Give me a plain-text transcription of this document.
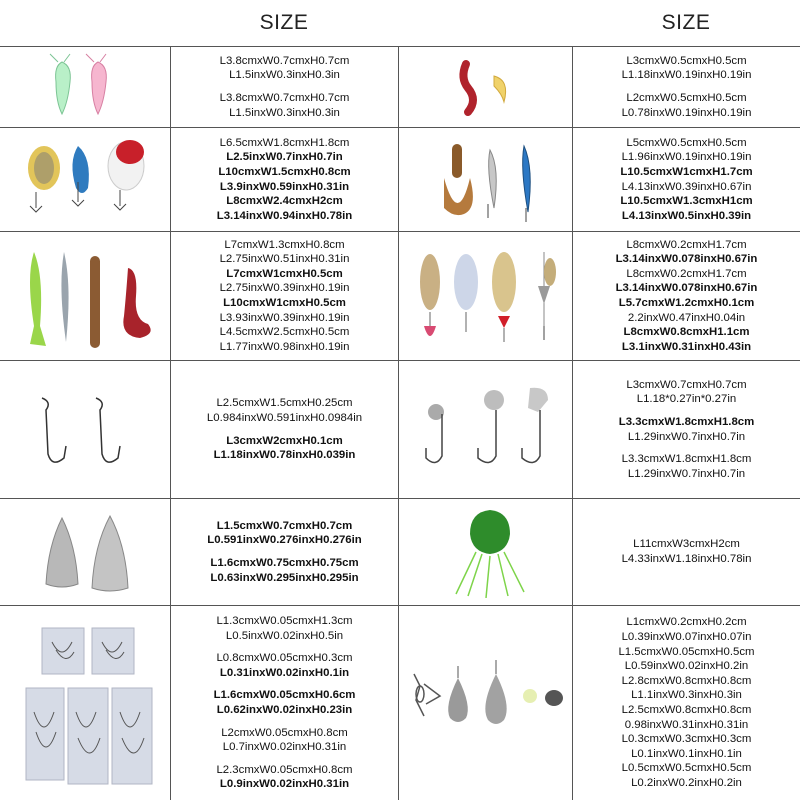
SIZE	SIZE
L3.8cmxW0.7cmxH0.7cm
L1.5inxW0.3inxH0.3in
L3.8cmxW0.7cmxH0.7cm
L1.5inxW0.3inxH0.3in
L3cmxW0.5cmxH0.5cm
L1.18inxW0.19inxH0.19in
L2cmxW0.5cmxH0.5cm
L0.78inxW0.19inxH0.19in
L6.5cmxW1.8cmxH1.8cm
L2.5inxW0.7inxH0.7in
L10cmxW1.5cmxH0.8cm
L3.9inxW0.59inxH0.31in
L8cmxW2.4cmxH2cm
L3.14inxW0.94inxH0.78in
L5cmxW0.5cmxH0.5cm
L1.96inxW0.19inxH0.19in
L10.5cmxW1cmxH1.7cm
L4.13inxW0.39inxH0.67in
L10.5cmxW1.3cmxH1cm
L4.13inxW0.5inxH0.39in
L7cmxW1.3cmxH0.8cm
L2.75inxW0.51inxH0.31in
L7cmxW1cmxH0.5cm
L2.75inxW0.39inxH0.19in
L10cmxW1cmxH0.5cm
L3.93inxW0.39inxH0.19in
L4.5cmxW2.5cmxH0.5cm
L1.77inxW0.98inxH0.19in
L8cmxW0.2cmxH1.7cm
L3.14inxW0.078inxH0.67in
L8cmxW0.2cmxH1.7cm
L3.14inxW0.078inxH0.67in
L5.7cmxW1.2cmxH0.1cm
2.2inxW0.47inxH0.04in
L8cmxW0.8cmxH1.1cm
L3.1inxW0.31inxH0.43in
L2.5cmxW1.5cmxH0.25cm
L0.984inxW0.591inxH0.0984in
L3cmxW2cmxH0.1cm
L1.18inxW0.78inxH0.039in
L3cmxW0.7cmxH0.7cm
L1.18*0.27in*0.27in
L3.3cmxW1.8cmxH1.8cm
L1.29inxW0.7inxH0.7in
L3.3cmxW1.8cmxH1.8cm
L1.29inxW0.7inxH0.7in
L1.5cmxW0.7cmxH0.7cm
L0.591inxW0.276inxH0.276in
L1.6cmxW0.75cmxH0.75cm
L0.63inxW0.295inxH0.295in
L11cmxW3cmxH2cm
L4.33inxW1.18inxH0.78in
L1.3cmxW0.05cmxH1.3cm
L0.5inxW0.02inxH0.5in
L0.8cmxW0.05cmxH0.3cm
L0.31inxW0.02inxH0.1in
L1.6cmxW0.05cmxH0.6cm
L0.62inxW0.02inxH0.23in
L2cmxW0.05cmxH0.8cm
L0.7inxW0.02inxH0.31in
L2.3cmxW0.05cmxH0.8cm
L0.9inxW0.02inxH0.31in
L1cmxW0.2cmxH0.2cm
L0.39inxW0.07inxH0.07in
L1.5cmxW0.05cmxH0.5cm
L0.59inxW0.02inxH0.2in
L2.8cmxW0.8cmxH0.8cm
L1.1inxW0.3inxH0.3in
L2.5cmxW0.8cmxH0.8cm
0.98inxW0.31inxH0.31in
L0.3cmxW0.3cmxH0.3cm
L0.1inxW0.1inxH0.1in
L0.5cmxW0.5cmxH0.5cm
L0.2inxW0.2inxH0.2in
